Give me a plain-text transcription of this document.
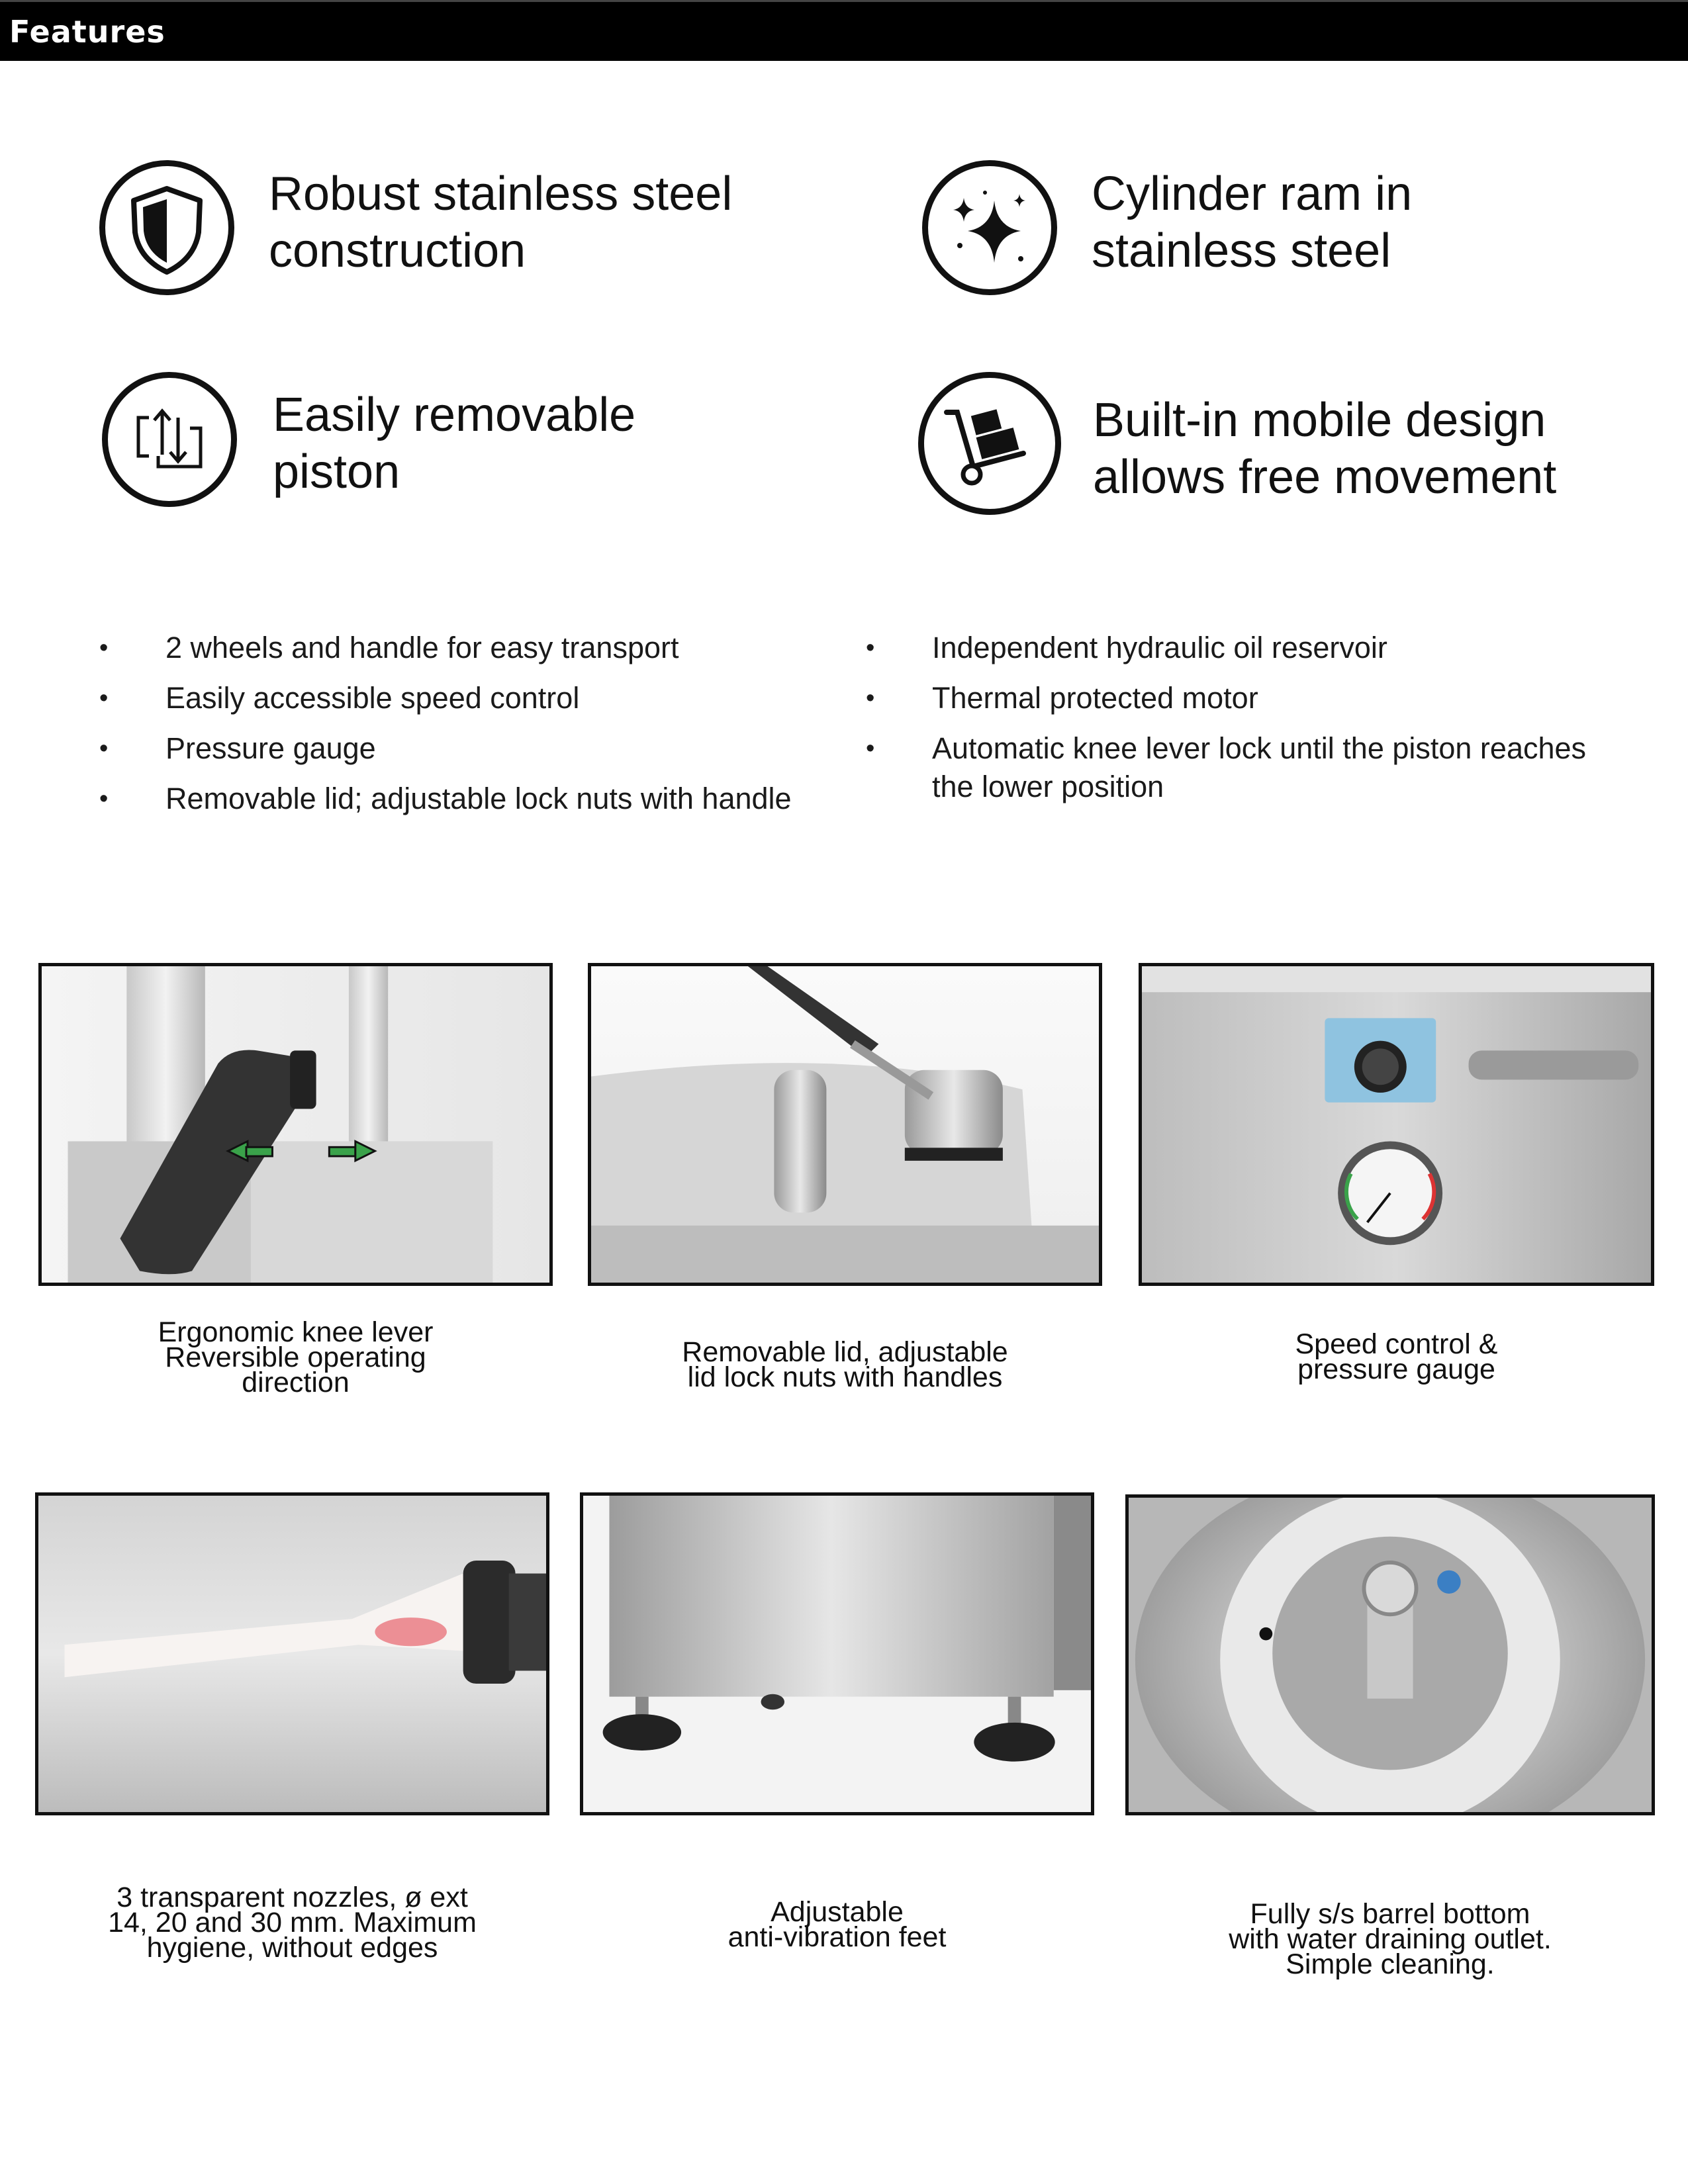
Features
Robust stainless steel
construction
Cylinder ram in
stainless steel
Easily removable
piston
Built-in mobile design
allows free movement
• 2 wheels and handle for easy transport
• Easily accessible speed control
• Pressure gauge
• Removable lid; adjustable lock nuts with handle
• Independent hydraulic oil reservoir
• Thermal protected motor
• Automatic knee lever lock until the piston reaches the lower position
Ergonomic knee lever
Reversible operating
direction
Removable lid, adjustable
lid lock nuts with handles
Speed control &
pressure gauge
3 transparent nozzles, ø ext
14, 20 and 30 mm. Maximum
hygiene, without edges
Adjustable
anti-vibration feet
Fully s/s barrel bottom
with water draining outlet.
Simple cleaning.
